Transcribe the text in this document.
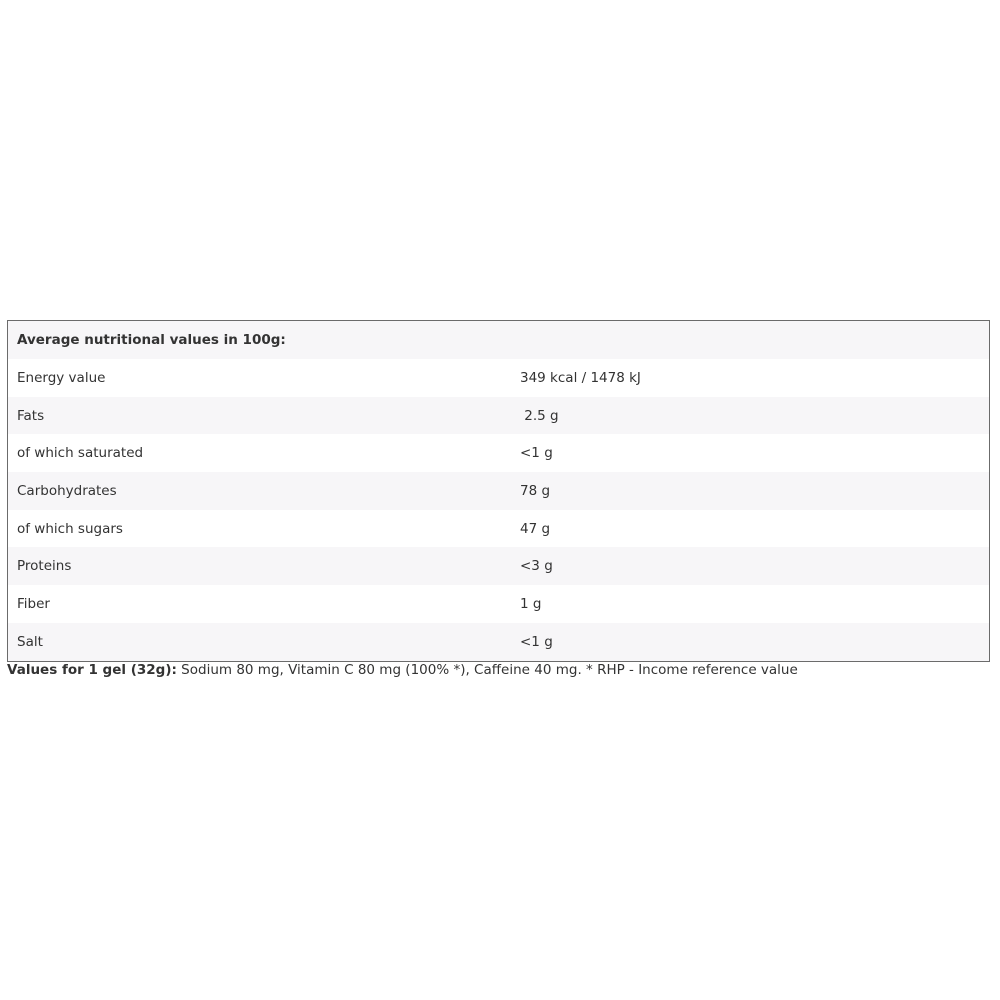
Average nutritional values in 100g:
Energy value	349 kcal / 1478 kJ
Fats	2.5 g
of which saturated	<1 g
Carbohydrates	78 g
of which sugars	47 g
Proteins	<3 g
Fiber	1 g
Salt	<1 g
Values for 1 gel (32g): Sodium 80 mg, Vitamin C 80 mg (100% *), Caffeine 40 mg. * RHP - Income reference value
